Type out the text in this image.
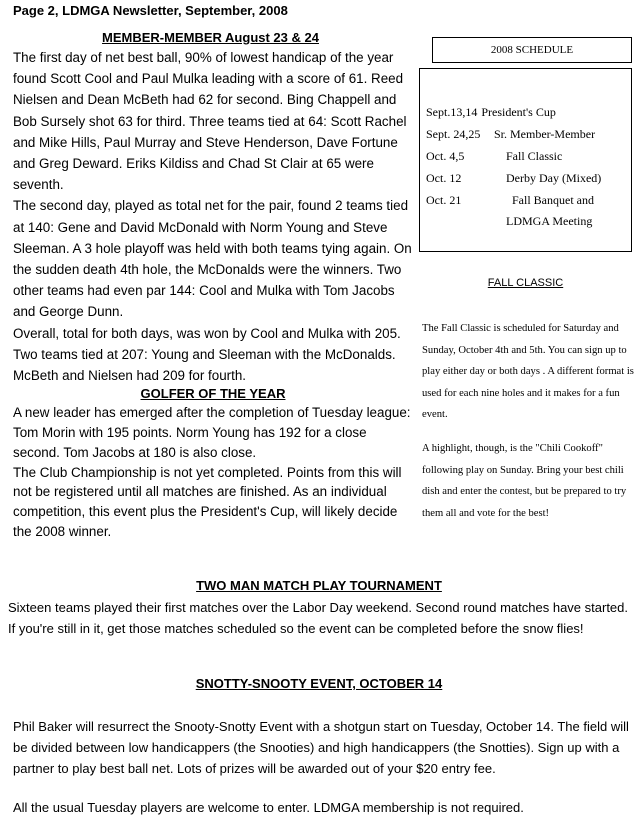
Page 2, LDMGA Newsletter, September, 2008
MEMBER-MEMBER August 23 & 24

The first day of net best ball, 90% of lowest handicap of the year found Scott Cool and Paul Mulka leading with a score of 61. Reed Nielsen and Dean McBeth had 62 for second. Bing Chappell and Bob Sursely shot 63 for third. Three teams tied at 64: Scott Rachel and Mike Hills, Paul Murray and Steve Henderson, Dave Fortune and Greg Deward. Eriks Kildiss and Chad St Clair at 65 were seventh.

The second day, played as total net for the pair, found 2 teams tied at 140: Gene and David McDonald with Norm Young and Steve Sleeman. A 3 hole playoff was held with both teams tying again. On the sudden death 4th hole, the McDonalds were the winners. Two other teams had even par 144: Cool and Mulka with Tom Jacobs and George Dunn.

Overall, total for both days, was won by Cool and Mulka with 205. Two teams tied at 207: Young and Sleeman with the McDonalds. McBeth and Nielsen had 209 for fourth.

GOLFER OF THE YEAR

A new leader has emerged after the completion of Tuesday league: Tom Morin with 195 points. Norm Young has 192 for a close second. Tom Jacobs at 180 is also close.

The Club Championship is not yet completed. Points from this will not be registered until all matches are finished. As an individual competition, this event plus the President's Cup, will likely decide the 2008 winner.

2008 SCHEDULE
Sept.13,14 President's Cup
Sept. 24,25	Sr. Member-Member
Oct. 4,5	Fall Classic
Oct. 12	Derby Day (Mixed)
Oct. 21	Fall Banquet and
LDMGA Meeting
FALL CLASSIC

The Fall Classic is scheduled for Saturday and Sunday, October 4th and 5th. You can sign up to play either day or both days . A different format is used for each nine holes and it makes for a fun event.

A highlight, though, is the "Chili Cookoff" following play on Sunday. Bring your best chili dish and enter the contest, but be prepared to try them all and vote for the best!

TWO MAN MATCH PLAY TOURNAMENT
Sixteen teams played their first matches over the Labor Day weekend. Second round matches have started. If you're still in it, get those matches scheduled so the event can be completed before the snow flies!
SNOTTY-SNOOTY EVENT, OCTOBER 14

Phil Baker will resurrect the Snooty-Snotty Event with a shotgun start on Tuesday, October 14. The field will be divided between low handicappers (the Snooties) and high handicappers (the Snotties). Sign up with a partner to play best ball net. Lots of prizes will be awarded out of your $20 entry fee.

All the usual Tuesday players are welcome to enter. LDMGA membership is not required.
